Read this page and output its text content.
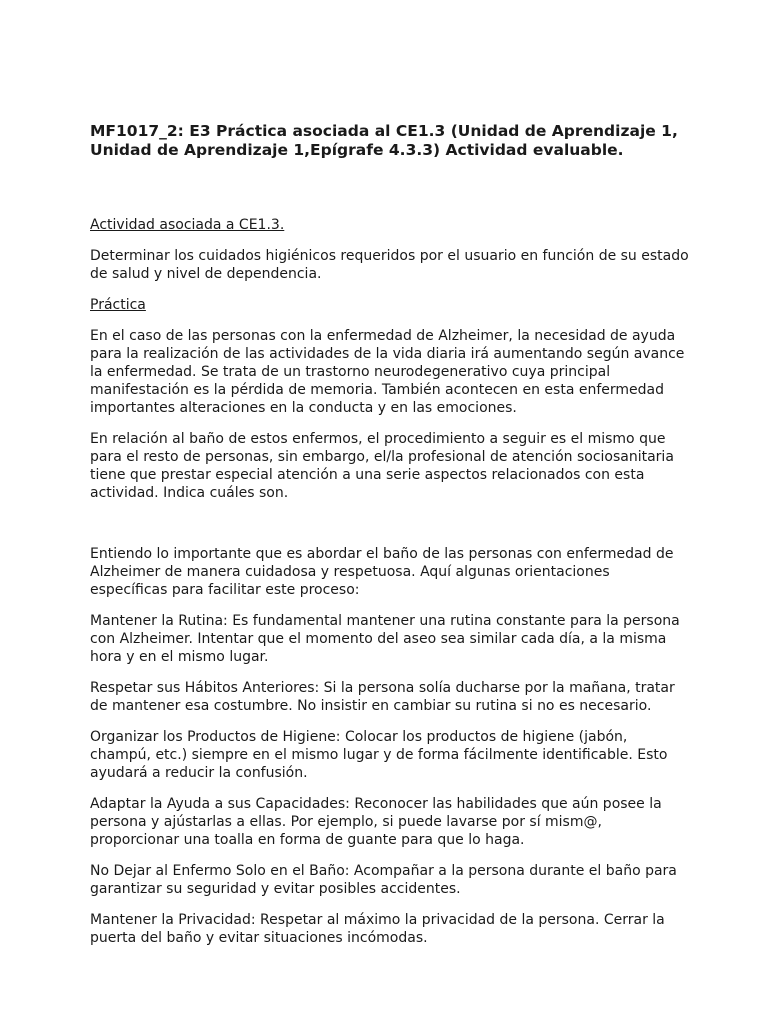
MF1017_2: E3 Práctica asociada al CE1.3 (Unidad de Aprendizaje 1, Unidad de Aprendizaje 1,Epígrafe 4.3.3) Actividad evaluable.

Actividad asociada a CE1.3.

Determinar los cuidados higiénicos requeridos por el usuario en función de su estado de salud y nivel de dependencia.

Práctica

En el caso de las personas con la enfermedad de Alzheimer, la necesidad de ayuda para la realización de las actividades de la vida diaria irá aumentando según avance la enfermedad. Se trata de un trastorno neurodegenerativo cuya principal manifestación es la pérdida de memoria. También acontecen en esta enfermedad importantes alteraciones en la conducta y en las emociones.

En relación al baño de estos enfermos, el procedimiento a seguir es el mismo que para el resto de personas, sin embargo, el/la profesional de atención sociosanitaria tiene que prestar especial atención a una serie aspectos relacionados con esta actividad. Indica cuáles son.

Entiendo lo importante que es abordar el baño de las personas con enfermedad de Alzheimer de manera cuidadosa y respetuosa. Aquí algunas orientaciones específicas para facilitar este proceso:

Mantener la Rutina: Es fundamental mantener una rutina constante para la persona con Alzheimer. Intentar que el momento del aseo sea similar cada día, a la misma hora y en el mismo lugar.

Respetar sus Hábitos Anteriores: Si la persona solía ducharse por la mañana, tratar de mantener esa costumbre. No insistir en cambiar su rutina si no es necesario.

Organizar los Productos de Higiene: Colocar los productos de higiene (jabón, champú, etc.) siempre en el mismo lugar y de forma fácilmente identificable. Esto ayudará a reducir la confusión.

Adaptar la Ayuda a sus Capacidades: Reconocer las habilidades que aún posee la persona y ajústarlas a ellas. Por ejemplo, si puede lavarse por sí mism@, proporcionar una toalla en forma de guante para que lo haga.

No Dejar al Enfermo Solo en el Baño: Acompañar a la persona durante el baño para garantizar su seguridad y evitar posibles accidentes.

Mantener la Privacidad: Respetar al máximo la privacidad de la persona. Cerrar la puerta del baño y evitar situaciones incómodas.
